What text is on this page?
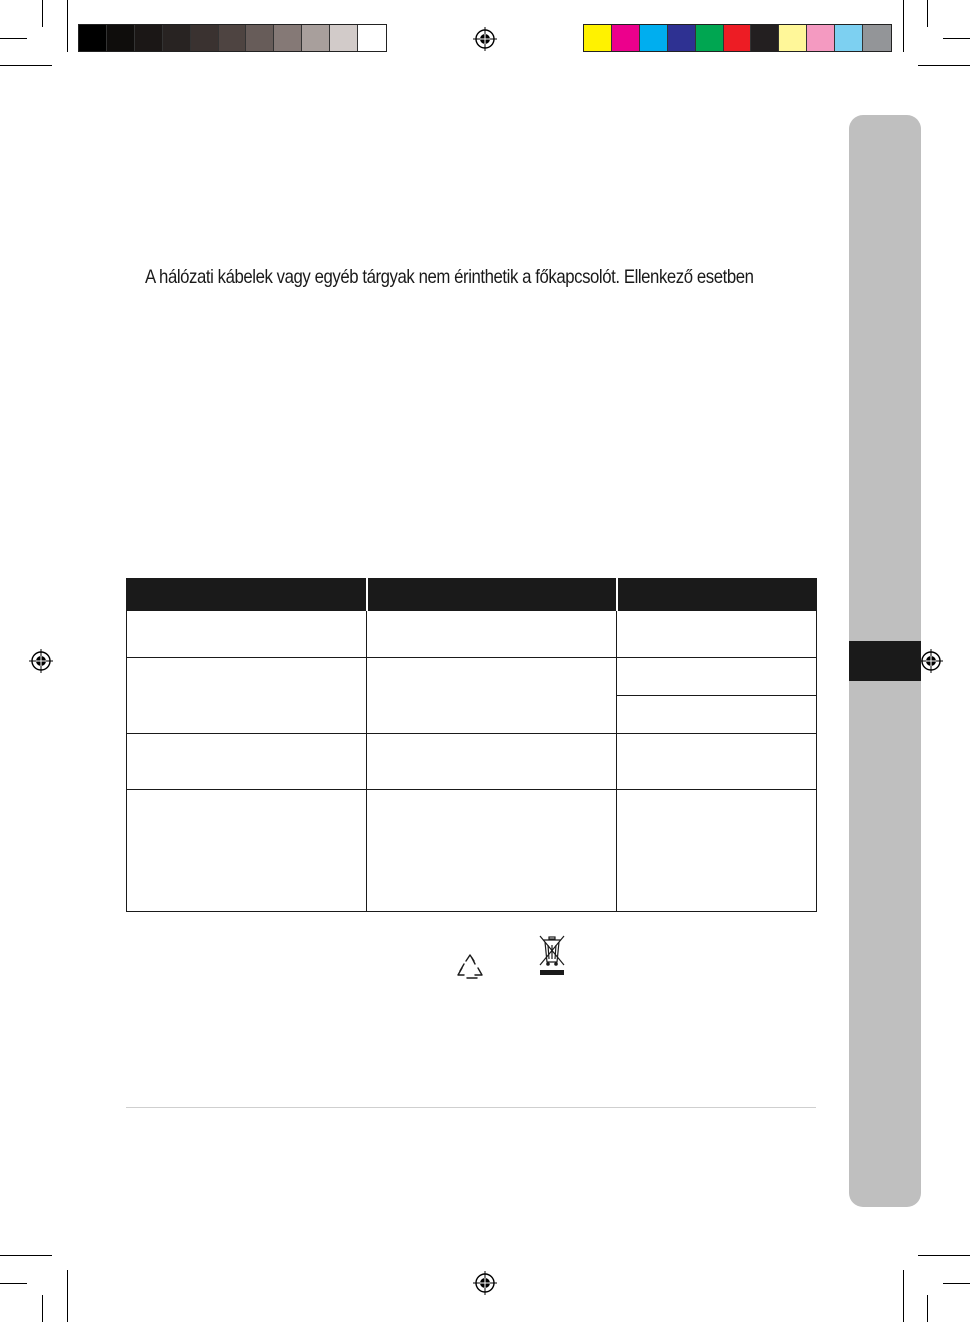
A hálózati kábelek vagy egyéb tárgyak nem érinthetik a főkapcsolót. Ellenkező esetben
